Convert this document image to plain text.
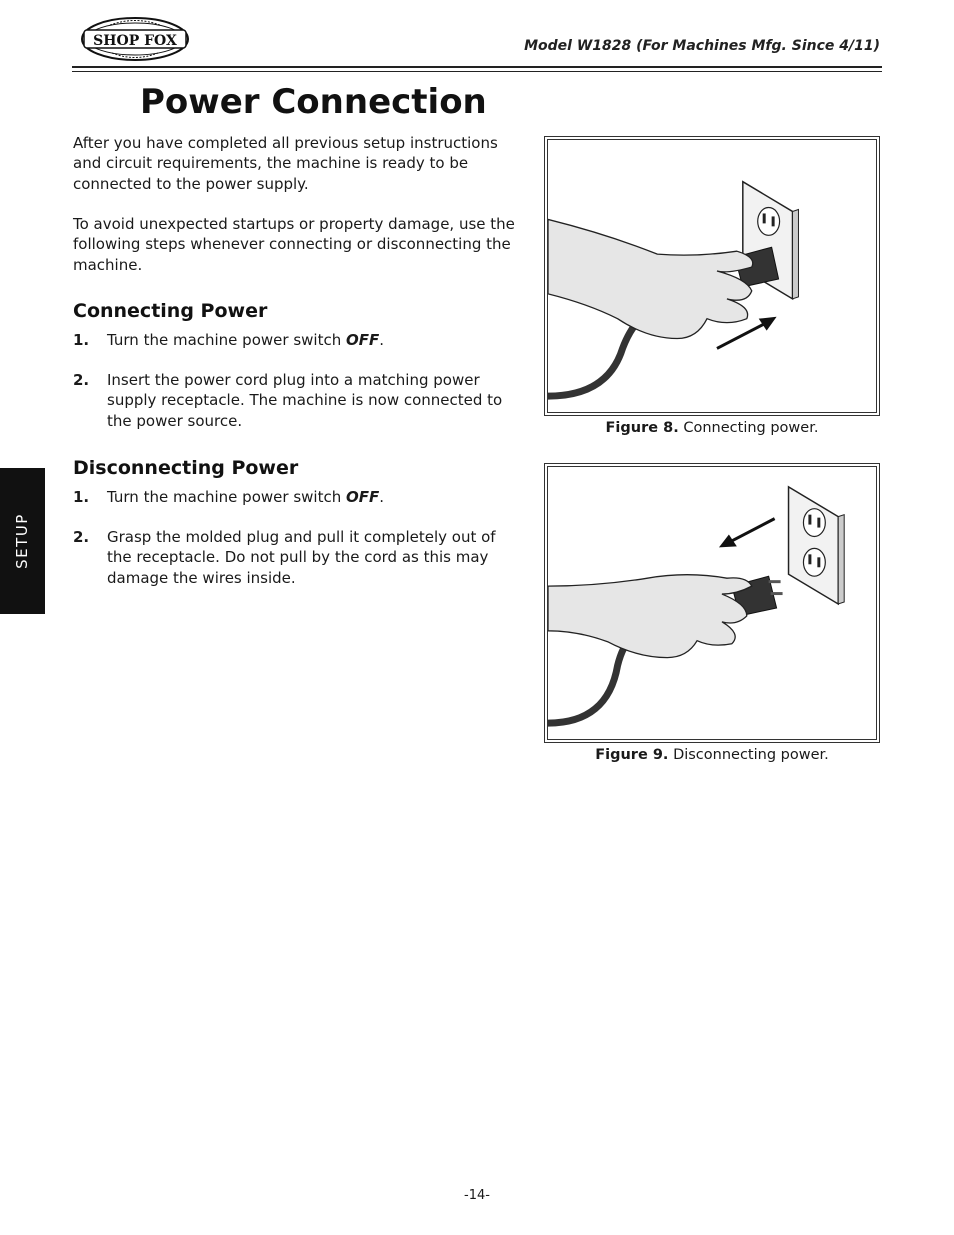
SHOP FOX	Model W1828 (For Machines Mfg. Since 4/11)
Power Connection

After you have completed all previous setup instructions and circuit requirements, the machine is ready to be connected to the power supply.

To avoid unexpected startups or property damage, use the following steps whenever connecting or disconnecting the machine.

Connecting Power
1. Turn the machine power switch OFF.
2. Insert the power cord plug into a matching power supply receptacle. The machine is now connected to the power source.
Disconnecting Power
1. Turn the machine power switch OFF.
2. Grasp the molded plug and pull it completely out of the receptacle. Do not pull by the cord as this may damage the wires inside.
Figure 8. Connecting power.
Figure 9. Disconnecting power.
SETUP
-14-
